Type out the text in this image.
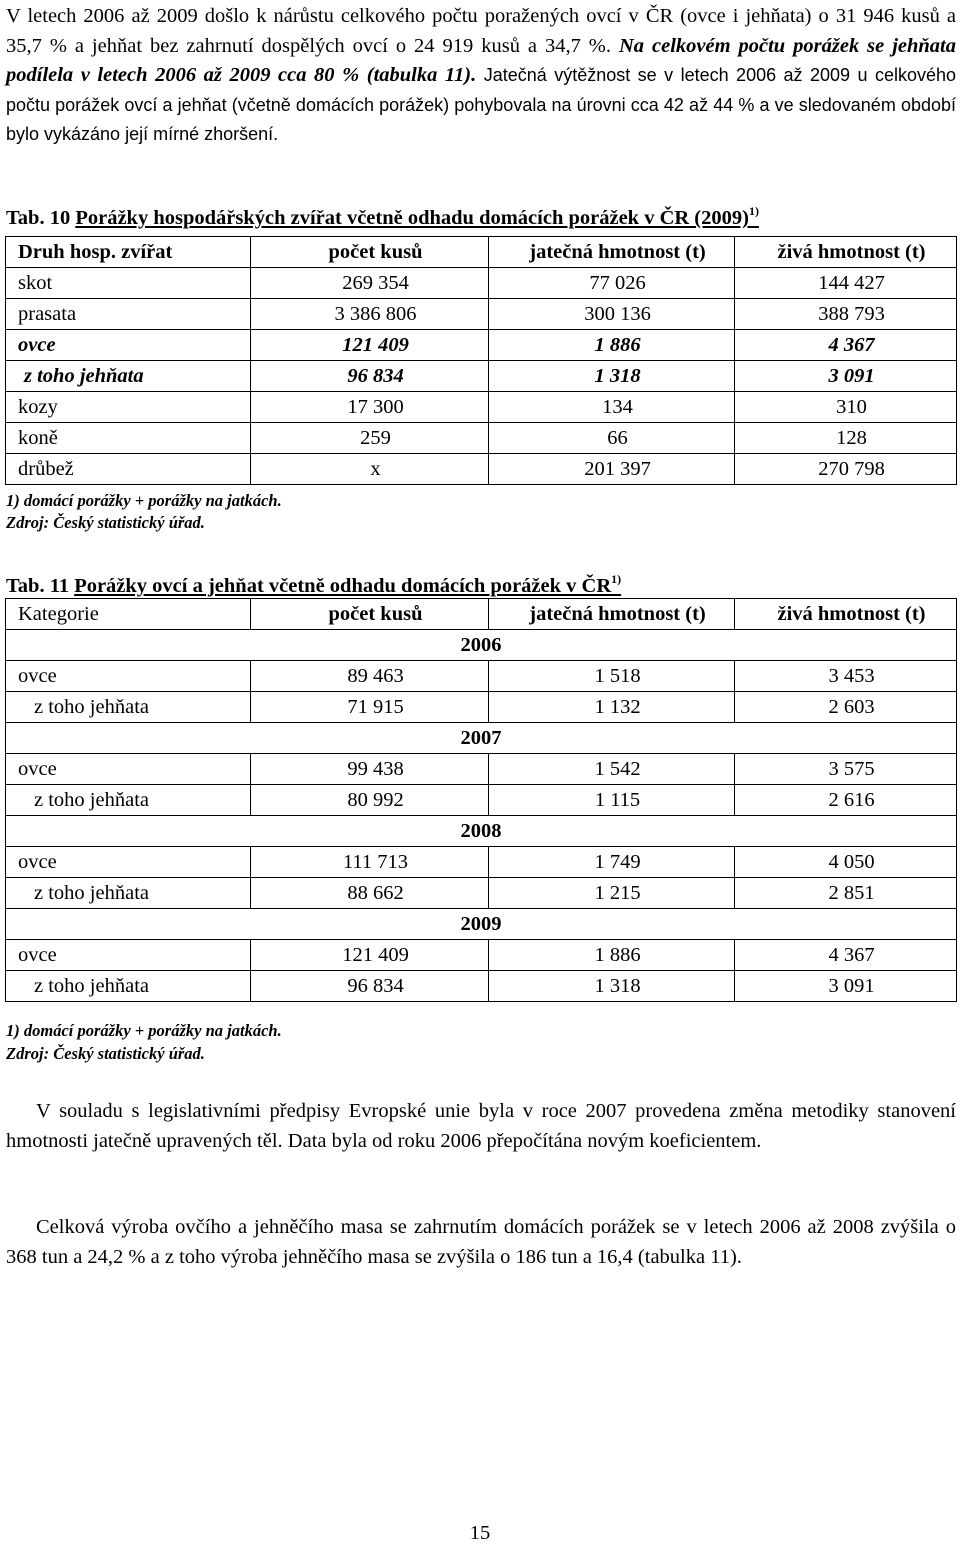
V letech 2006 až 2009 došlo k nárůstu celkového počtu poražených ovcí v ČR (ovce i jehňata) o 31 946 kusů a 35,7 % a jehňat bez zahrnutí dospělých ovcí o 24 919 kusů a 34,7 %. Na celkovém počtu porážek se jehňata podílela v letech 2006 až 2009 cca 80 % (tabulka 11). Jatečná výtěžnost se v letech 2006 až 2009 u celkového počtu porážek ovcí a jehňat (včetně domácích porážek) pohybovala na úrovni cca 42 až 44 % a ve sledovaném období bylo vykázáno její mírné zhoršení.

Tab. 10 Porážky hospodářských zvířat včetně odhadu domácích porážek v ČR $(2009)^{1)}$

Druh hosp. zvířat	počet kusů	jatečná hmotnost (t)	živá hmotnost (t)
skot	269 354	77 026	144 427
prasata	3 386 806	300 136	388 793
ovce	121 409	1 886	4 367
z toho jehňata	96 834	1 318	3 091
kozy	17 300	134	310
koně	259	66	128
drůbež	x	201 397	270 798

1) domácí porážky + porážky na jatkách.

Zdroj: Český statistický úřad.

Tab. 11 Porážky ovcí a jehňat včetně odhadu domácích porážek v ČR$^{1)}$

Kategorie	počet kusů	jatečná hmotnost (t)	živá hmotnost (t)
2006			
ovce	89 463	1 518	3 453
z toho jehňata	71 915	1 132	2 603
2007			
ovce	99 438	1 542	3 575
z toho jehňata	80 992	1 115	2 616
2008			
ovce	111 713	1 749	4 050
z toho jehňata	88 662	1 215	2 851
2009			
ovce	121 409	1 886	4 367
z toho jehňata	96 834	1 318	3 091

1) domácí porážky + porážky na jatkách.

Zdroj: Český statistický úřad.

V souladu s legislativními předpisy Evropské unie byla v roce 2007 provedena změna metodiky stanovení hmotnosti jatečně upravených těl. Data byla od roku 2006 přepočítána novým koeficientem.

Celková výroba ovčího a jehněčího masa se zahrnutím domácích porážek se v letech 2006 až 2008 zvýšila o 368 tun a 24,2 % a z toho výroba jehněčího masa se zvýšila o 186 tun a 16,4 (tabulka 11).

15
